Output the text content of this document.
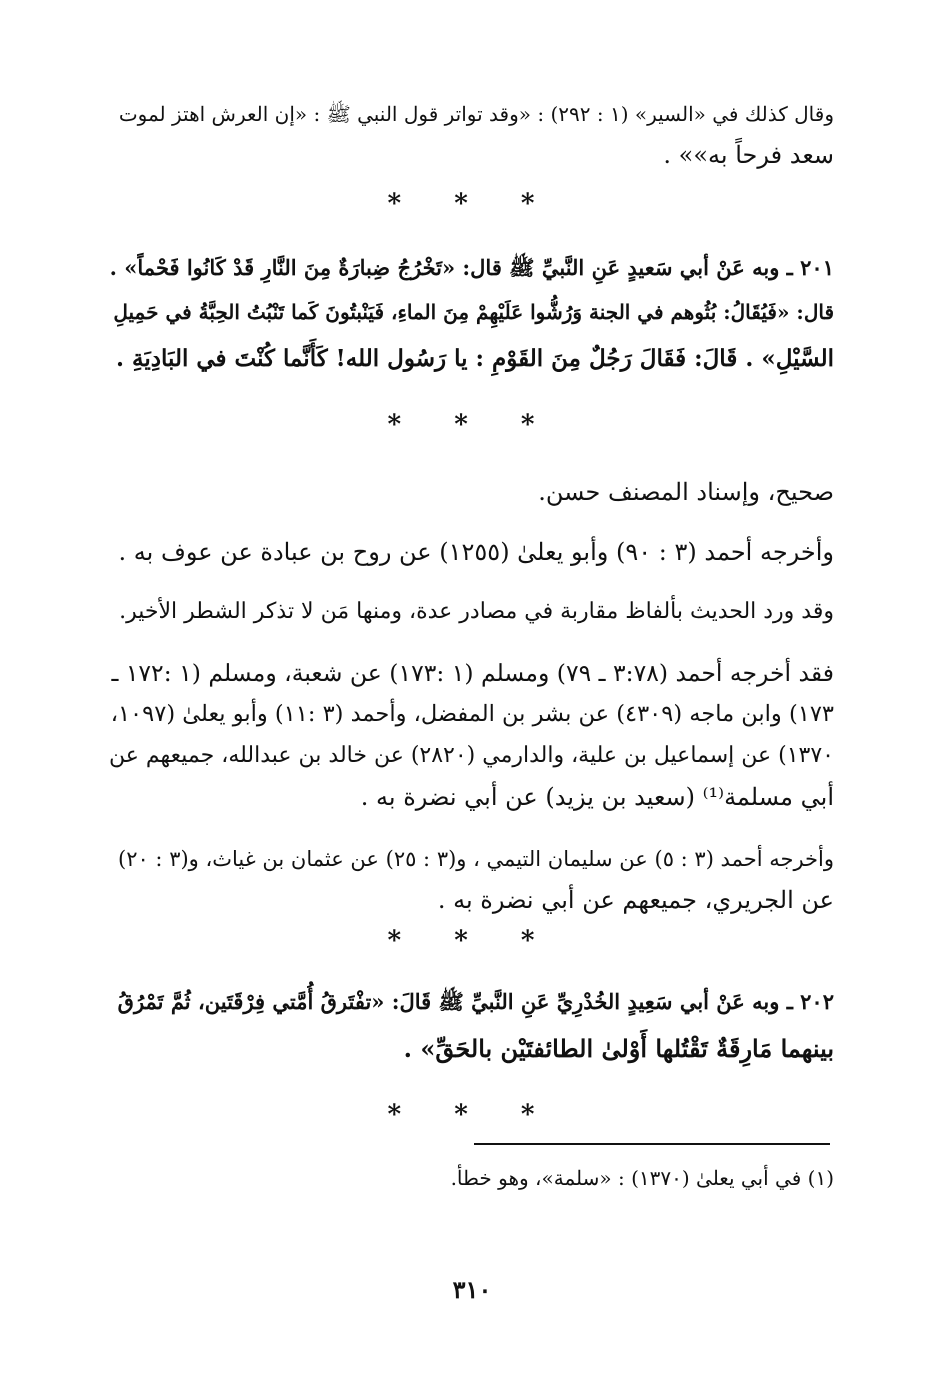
وقال كذلك في «السير» (١ : ٢٩٢) : «وقد تواتر قول النبي ﷺ : «إن العرش اهتز لموت
سعد فرحاً به»» .
* * *
٢٠١ ـ وبه عَنْ أبي سَعيدٍ عَنِ النَّبيِّ ﷺ قال: «تَخْرُجُ ضِبارَةٌ مِنَ النَّارِ قَدْ كَانُوا فَحْماً» .
قال: «فَيُقَالُ: بُثُوهم في الجنة وَرُشُّوا عَلَيْهِمْ مِنَ الماءِ، فَيَنْبتُونَ كَما تَنْبُتُ الحِبَّةُ في حَمِيلِ
السَّيْلِ» . قَالَ: فَقَالَ رَجُلٌ مِنَ القَوْمِ : يا رَسُول الله! كَأَنَّما كُنْتَ في البَادِيَةِ .
* * *
صحيح، وإسناد المصنف حسن.
وأخرجه أحمد (٣ : ٩٠) وأبو يعلىٰ (١٢٥٥) عن روح بن عبادة عن عوف به .
وقد ورد الحديث بألفاظ مقاربة في مصادر عدة، ومنها مَن لا تذكر الشطر الأخير.
فقد أخرجه أحمد (٣:٧٨ ـ ٧٩) ومسلم (١ :١٧٣) عن شعبة، ومسلم (١ :١٧٢ ـ
١٧٣) وابن ماجه (٤٣٠٩) عن بشر بن المفضل، وأحمد (٣ :١١) وأبو يعلىٰ (١٠٩٧،
١٣٧٠) عن إسماعيل بن علية، والدارمي (٢٨٢٠) عن خالد بن عبدالله، جميعهم عن
أبي مسلمة⁽¹⁾ (سعيد بن يزيد) عن أبي نضرة به .
وأخرجه أحمد (٣ : ٥) عن سليمان التيمي ، و(٣ : ٢٥) عن عثمان بن غياث، و(٣ : ٢٠)
عن الجريري، جميعهم عن أبي نضرة به .
* * *
٢٠٢ ـ وبه عَنْ أبي سَعِيدٍ الخُدْرِيِّ عَنِ النَّبيِّ ﷺ قَالَ: «تفْتَرقُ أُمَّتي فِرْقَتَين، ثُمَّ تَمْرُقُ
بينهما مَارِقَةٌ تَقْتُلها أَوْلىٰ الطائفتَيْن بالحَقِّ» .
* * *
(١) في أبي يعلىٰ (١٣٧٠) : «سلمة»، وهو خطأ.
٣١٠
